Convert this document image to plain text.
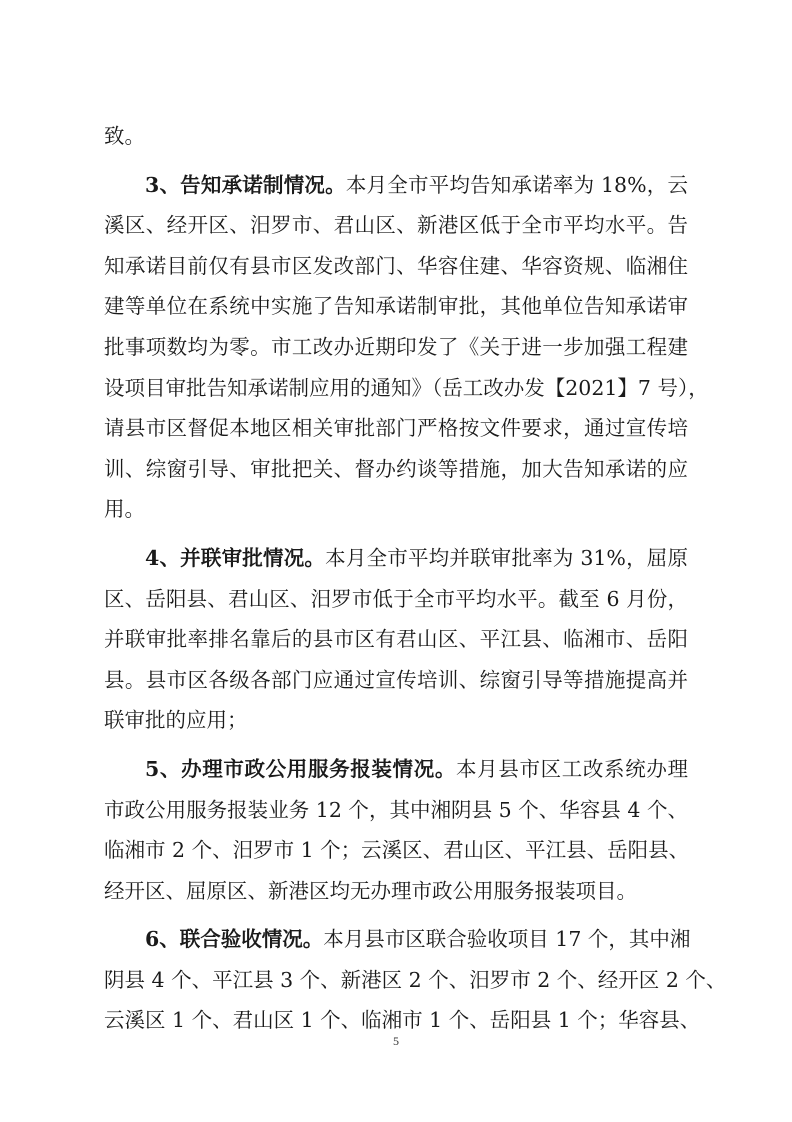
致。
3、告知承诺制情况。本月全市平均告知承诺率为 18%，云
溪区、经开区、汨罗市、君山区、新港区低于全市平均水平。告
知承诺目前仅有县市区发改部门、华容住建、华容资规、临湘住
建等单位在系统中实施了告知承诺制审批，其他单位告知承诺审
批事项数均为零。市工改办近期印发了《关于进一步加强工程建
设项目审批告知承诺制应用的通知》（岳工改办发【2021】7 号），
请县市区督促本地区相关审批部门严格按文件要求，通过宣传培
训、综窗引导、审批把关、督办约谈等措施，加大告知承诺的应
用。
4、并联审批情况。本月全市平均并联审批率为 31%，屈原
区、岳阳县、君山区、汨罗市低于全市平均水平。截至 6 月份，
并联审批率排名靠后的县市区有君山区、平江县、临湘市、岳阳
县。县市区各级各部门应通过宣传培训、综窗引导等措施提高并
联审批的应用；
5、办理市政公用服务报装情况。本月县市区工改系统办理
市政公用服务报装业务 12 个，其中湘阴县 5 个、华容县 4 个、
临湘市 2 个、汨罗市 1 个；云溪区、君山区、平江县、岳阳县、
经开区、屈原区、新港区均无办理市政公用服务报装项目。
6、联合验收情况。本月县市区联合验收项目 17 个，其中湘
阴县 4 个、平江县 3 个、新港区 2 个、汨罗市 2 个、经开区 2 个、
云溪区 1 个、君山区 1 个、临湘市 1 个、岳阳县 1 个；华容县、
5
